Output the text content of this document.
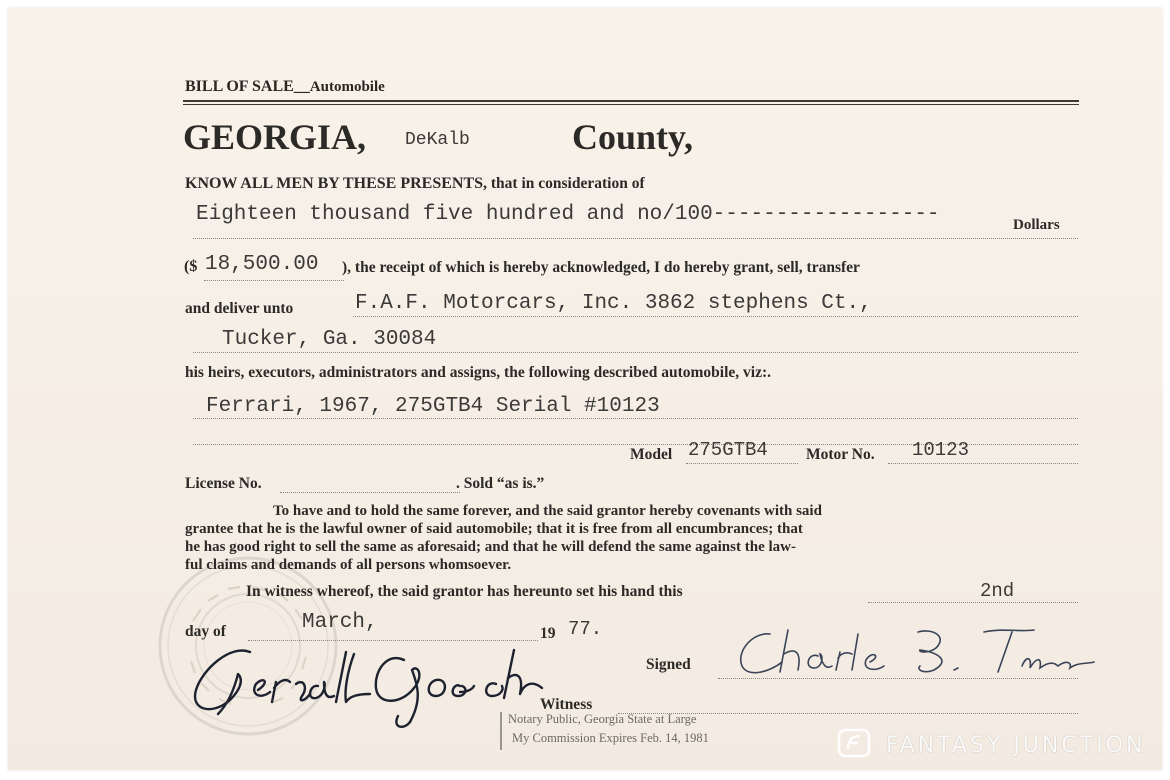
BILL OF SALE__Automobile
GEORGIA, DeKalb	County,
KNOW ALL MEN BY THESE PRESENTS, that in consideration of
Eighteen thousand five hundred and no/100------------------	Dollars
($ 18,500.00 ), the receipt of which is hereby acknowledged, I do hereby grant, sell, transfer
and deliver unto	F.A.F. Motorcars, Inc. 3862 stephens Ct.,
Tucker, Ga. 30084
his heirs, executors, administrators and assigns, the following described automobile, viz:.
Ferrari, 1967, 275GTB4 Serial #10123
Model 275GTB4 Motor No. 10123
License No.	. Sold “as is.”
To have and to hold the same forever, and the said grantor hereby covenants with said
grantee that he is the lawful owner of said automobile; that it is free from all encumbrances; that
he has good right to sell the same as aforesaid; and that he will defend the same against the law-
ful claims and demands of all persons whomsoever.
In witness whereof, the said grantor has hereunto set his hand this	2nd
day of	March,	19 77.
Signed
Witness
Notary Public, Georgia State at Large
My Commission Expires Feb. 14, 1981	FANTASY JUNCTION
